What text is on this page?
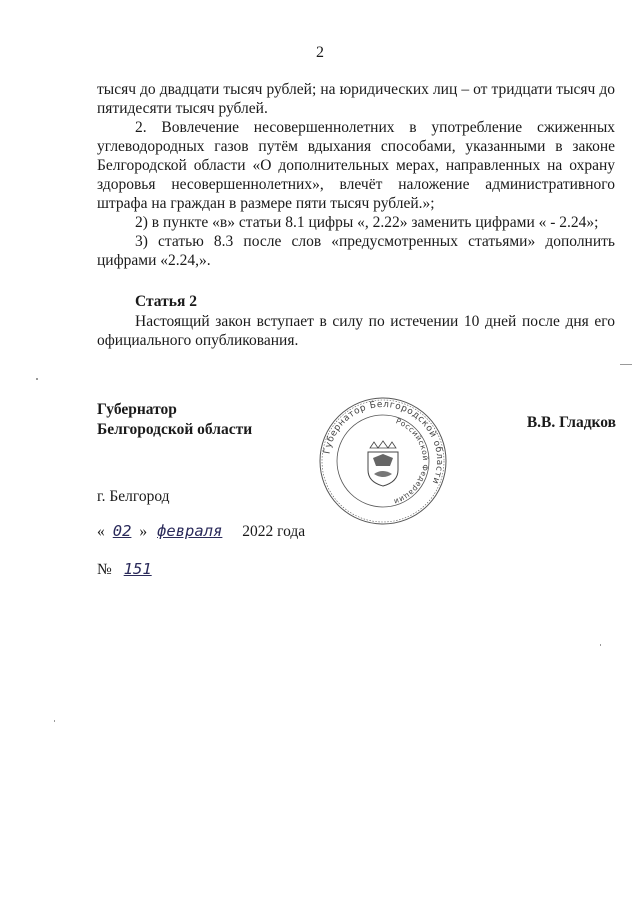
2

тысяч до двадцати тысяч рублей; на юридических лиц – от тридцати тысяч до пятидесяти тысяч рублей.

2. Вовлечение несовершеннолетних в употребление сжиженных углеводородных газов путём вдыхания способами, указанными в законе Белгородской области «О дополнительных мерах, направленных на охрану здоровья несовершеннолетних», влечёт наложение административного штрафа на граждан в размере пяти тысяч рублей.»;

2) в пункте «в» статьи 8.1 цифры «, 2.22» заменить цифрами « - 2.24»;

3) статью 8.3 после слов «предусмотренных статьями» дополнить цифрами «2.24,».

Статья 2

Настоящий закон вступает в силу по истечении 10 дней после дня его официального опубликования.

Губернатор
Белгородской области
Губернатор Белгородской области
Российской Федерации
В.В. Гладков
г. Белгород
« 02 » февраля 2022 года
№ 151
